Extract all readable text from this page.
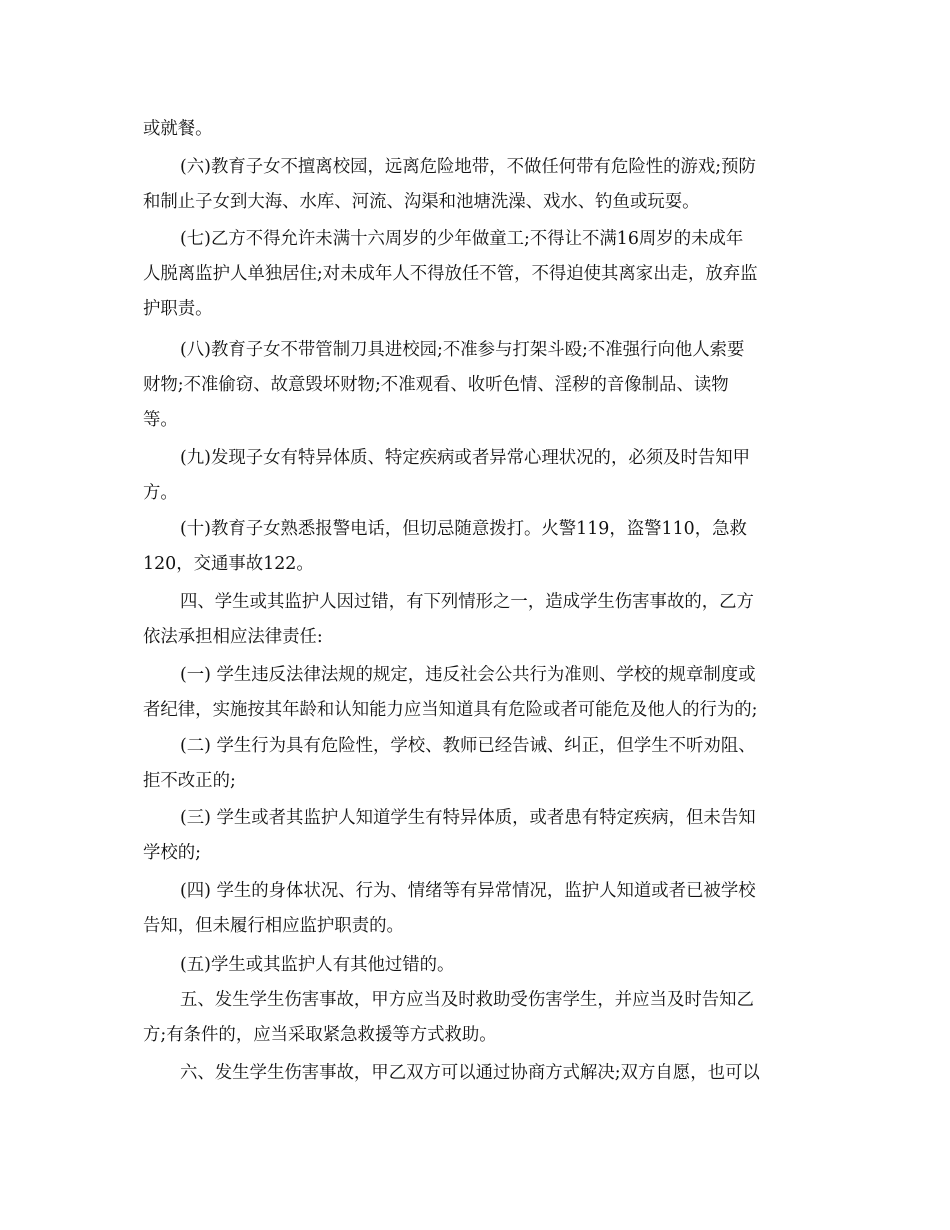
或就餐。
(六)教育子女不擅离校园，远离危险地带，不做任何带有危险性的游戏;预防
和制止子女到大海、水库、河流、沟渠和池塘洗澡、戏水、钓鱼或玩耍。
(七)乙方不得允许未满十六周岁的少年做童工;不得让不满16周岁的未成年
人脱离监护人单独居住;对未成年人不得放任不管，不得迫使其离家出走，放弃监
护职责。
(八)教育子女不带管制刀具进校园;不准参与打架斗殴;不准强行向他人索要
财物;不准偷窃、故意毁坏财物;不准观看、收听色情、淫秽的音像制品、读物
等。
(九)发现子女有特异体质、特定疾病或者异常心理状况的，必须及时告知甲
方。
(十)教育子女熟悉报警电话，但切忌随意拨打。火警119，盗警110，急救
120，交通事故122。
四、学生或其监护人因过错，有下列情形之一，造成学生伤害事故的，乙方
依法承担相应法律责任:
(一) 学生违反法律法规的规定，违反社会公共行为准则、学校的规章制度或
者纪律，实施按其年龄和认知能力应当知道具有危险或者可能危及他人的行为的;
(二) 学生行为具有危险性，学校、教师已经告诫、纠正，但学生不听劝阻、
拒不改正的;
(三) 学生或者其监护人知道学生有特异体质，或者患有特定疾病，但未告知
学校的;
(四) 学生的身体状况、行为、情绪等有异常情况，监护人知道或者已被学校
告知，但未履行相应监护职责的。
(五)学生或其监护人有其他过错的。
五、发生学生伤害事故，甲方应当及时救助受伤害学生，并应当及时告知乙
方;有条件的，应当采取紧急救援等方式救助。
六、发生学生伤害事故，甲乙双方可以通过协商方式解决;双方自愿，也可以
